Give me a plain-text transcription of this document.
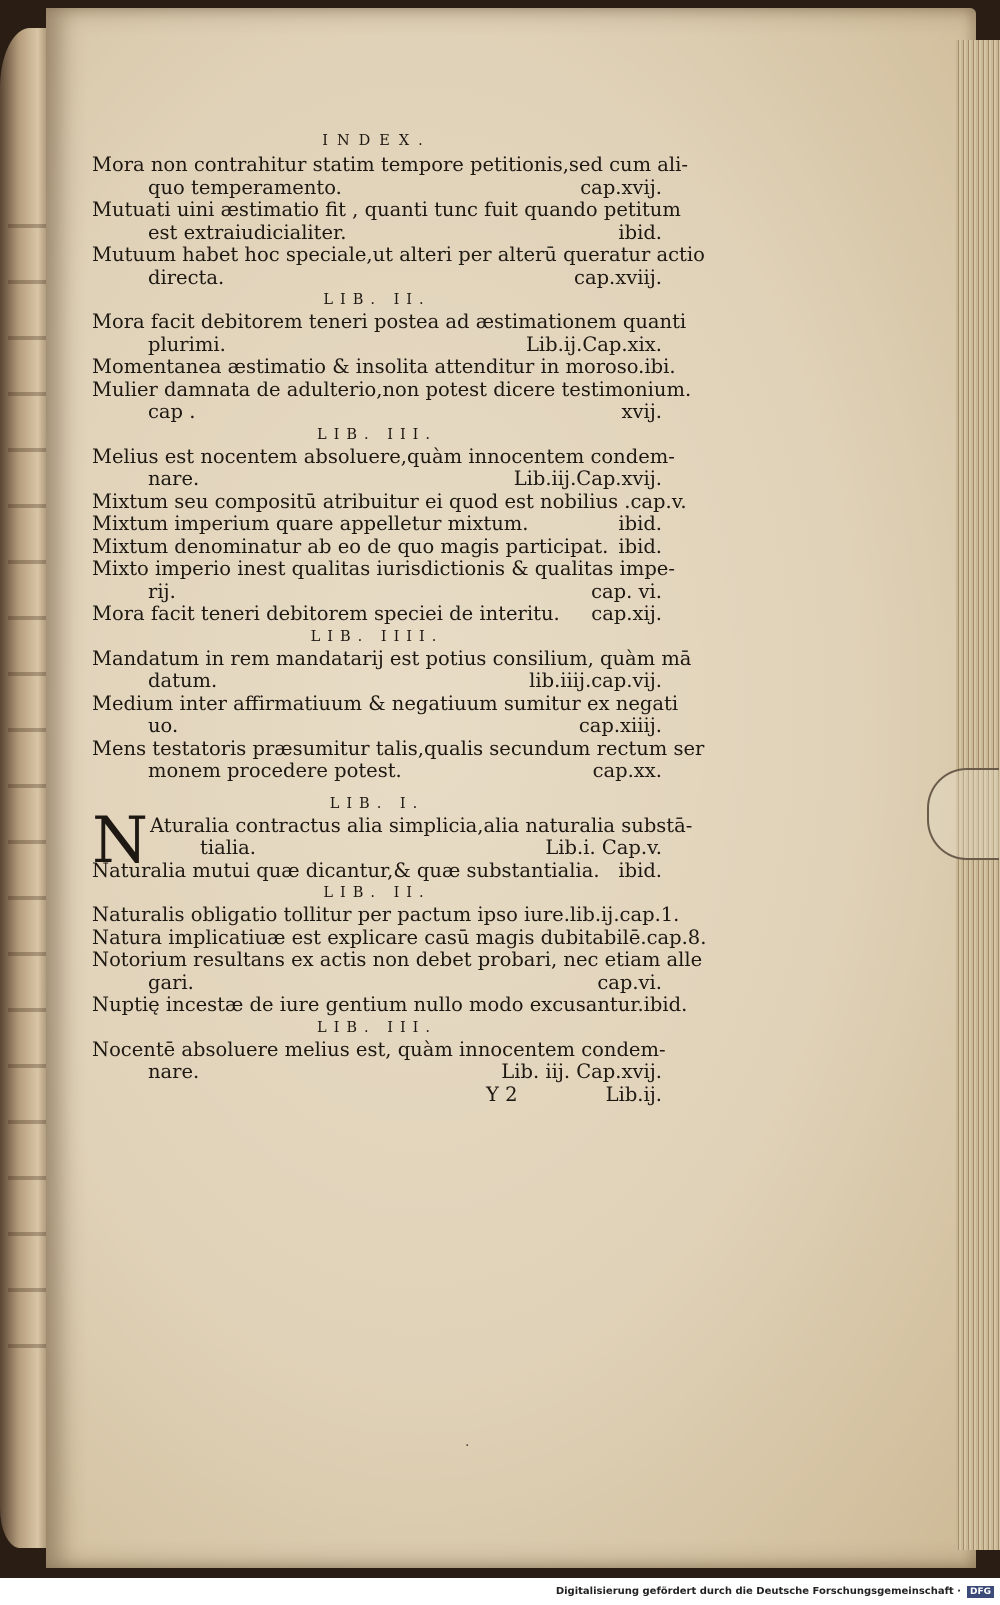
INDEX.
Mora non contrahitur statim tempore petitionis,sed cum ali-
quo temperamento.	cap.xvij.
Mutuati uini æstimatio fit , quanti tunc fuit quando petitum
est extraiudicialiter.	ibid.
Mutuum habet hoc speciale,ut alteri per alterū queratur actio
directa.	cap.xviij.
LIB. II.
Mora facit debitorem teneri postea ad æstimationem quanti
plurimi.	Lib.ij.Cap.xix.
Momentanea æstimatio & insolita attenditur in moroso. ibi.
Mulier damnata de adulterio,non potest dicere testimonium.
cap .	xvij.
LIB. III.
Melius est nocentem absoluere,quàm innocentem condem-
nare.	Lib.iij.Cap.xvij.
Mixtum seu compositū atribuitur ei quod est nobilius .cap.v.
Mixtum imperium quare appelletur mixtum.	ibid.
Mixtum denominatur ab eo de quo magis participat. ibid.
Mixto imperio inest qualitas iurisdictionis & qualitas impe-
rij.	cap. vi.
Mora facit teneri debitorem speciei de interitu. cap.xij.
LIB. IIII.
Mandatum in rem mandatarij est potius consilium, quàm mā
datum.	lib.iiij.cap.vij.
Medium inter affirmatiuum & negatiuum sumitur ex negati
uo.	cap.xiiij.
Mens testatoris præsumitur talis,qualis secundum rectum ser
monem procedere potest.	cap.xx.
LIB. I.
N Aturalia contractus alia simplicia,alia naturalia substā-
tialia.	Lib.i. Cap.v.
Naturalia mutui quæ dicantur,& quæ substantialia. ibid.
LIB. II.
Naturalis obligatio tollitur per pactum ipso iure. lib.ij.cap.1.
Natura implicatiuæ est explicare casū magis dubitabilē.cap.8.
Notorium resultans ex actis non debet probari, nec etiam alle
gari.	cap.vi.
Nuptię incestæ de iure gentium nullo modo excusantur.ibid.
LIB. III.
Nocentē absoluere melius est, quàm innocentem condem-
nare.	Lib. iij. Cap.xvij.
Y 2	Lib.ij.
·
Digitalisierung gefördert durch die Deutsche Forschungsgemeinschaft ·	DFG
